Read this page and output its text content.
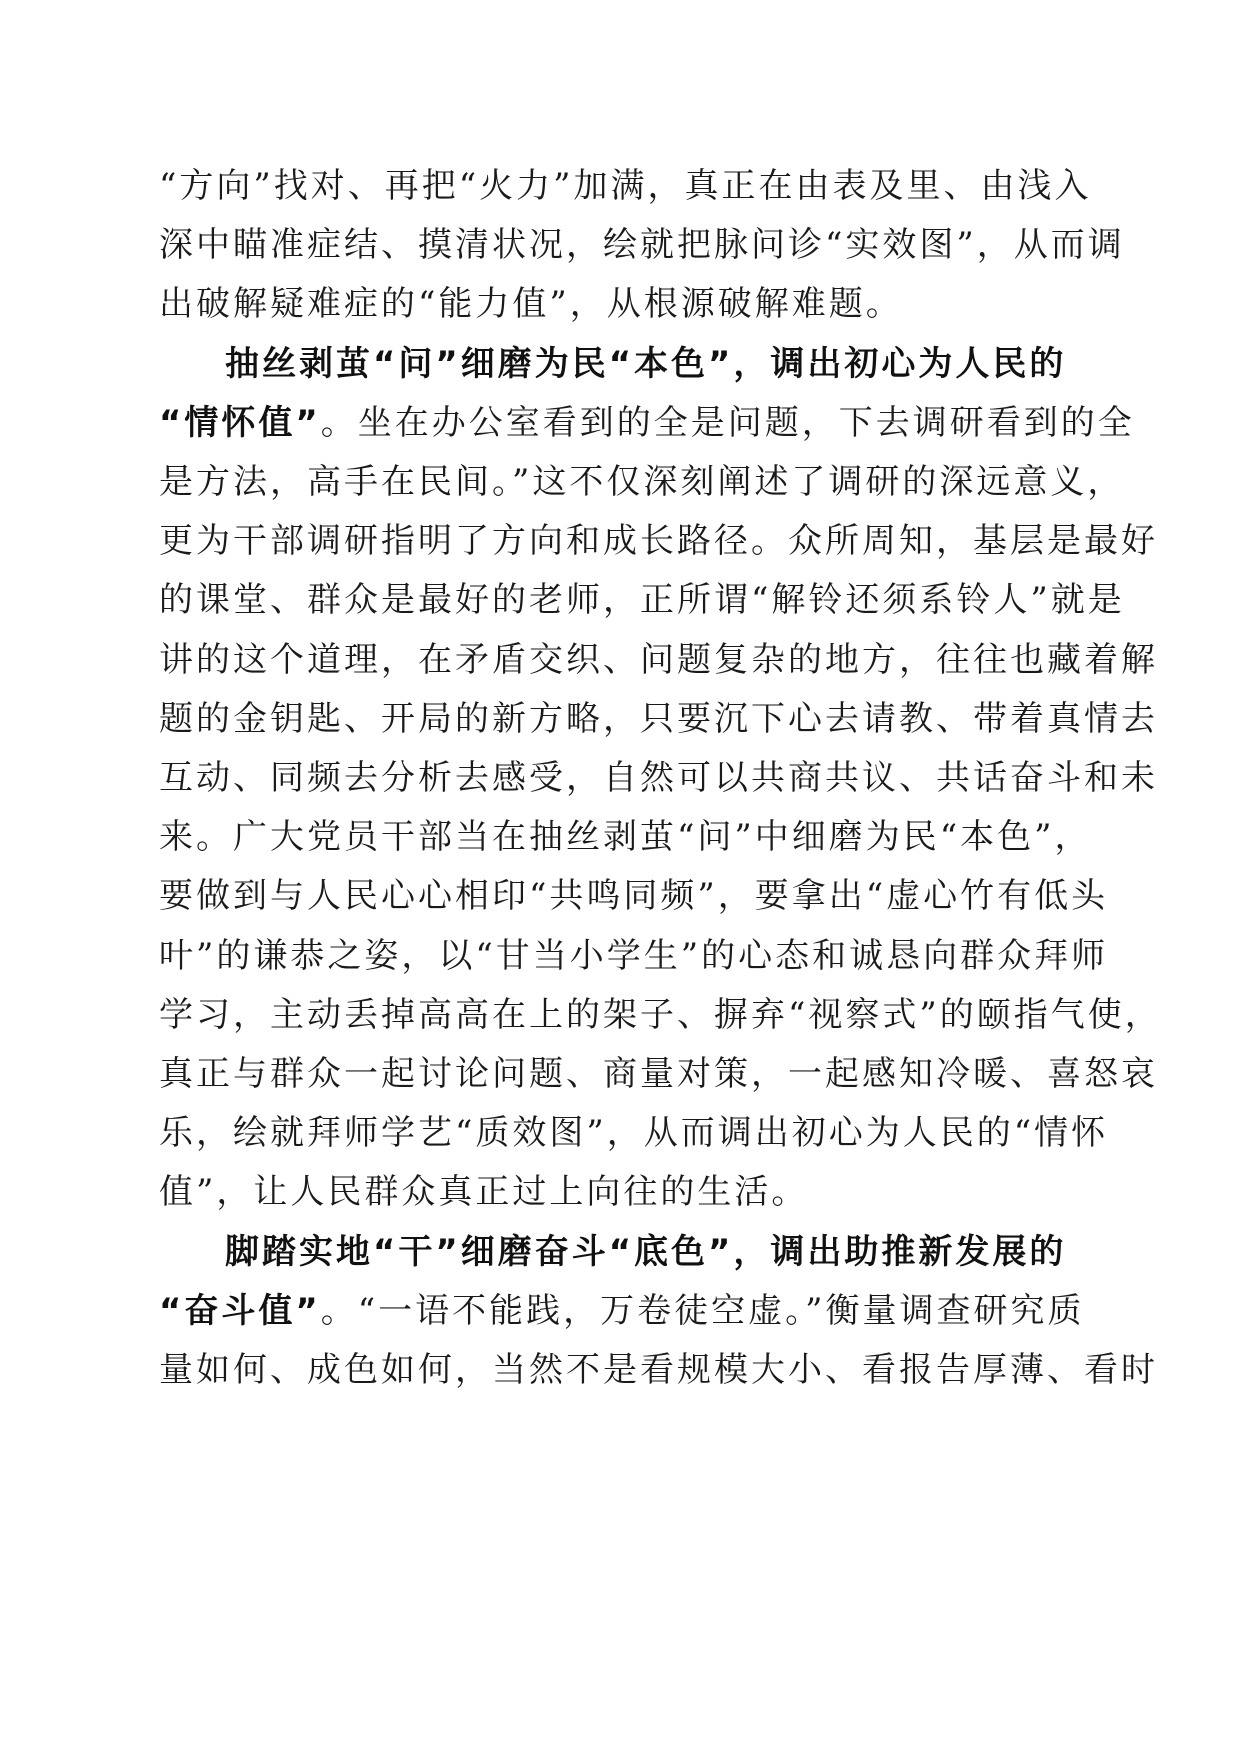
“方向”找对、再把“火力”加满，真正在由表及里、由浅入
深中瞄准症结、摸清状况，绘就把脉问诊“实效图”，从而调
出破解疑难症的“能力值”，从根源破解难题。
抽丝剥茧“问”细磨为民“本色”，调出初心为人民的
“情怀值”。坐在办公室看到的全是问题，下去调研看到的全
是方法，高手在民间。”这不仅深刻阐述了调研的深远意义，
更为干部调研指明了方向和成长路径。众所周知，基层是最好
的课堂、群众是最好的老师，正所谓“解铃还须系铃人”就是
讲的这个道理，在矛盾交织、问题复杂的地方，往往也藏着解
题的金钥匙、开局的新方略，只要沉下心去请教、带着真情去
互动、同频去分析去感受，自然可以共商共议、共话奋斗和未
来。广大党员干部当在抽丝剥茧“问”中细磨为民“本色”，
要做到与人民心心相印“共鸣同频”，要拿出“虚心竹有低头
叶”的谦恭之姿，以“甘当小学生”的心态和诚恳向群众拜师
学习，主动丢掉高高在上的架子、摒弃“视察式”的颐指气使，
真正与群众一起讨论问题、商量对策，一起感知冷暖、喜怒哀
乐，绘就拜师学艺“质效图”，从而调出初心为人民的“情怀
值”，让人民群众真正过上向往的生活。
脚踏实地“干”细磨奋斗“底色”，调出助推新发展的
“奋斗值”。“一语不能践，万卷徒空虚。”衡量调查研究质
量如何、成色如何，当然不是看规模大小、看报告厚薄、看时
